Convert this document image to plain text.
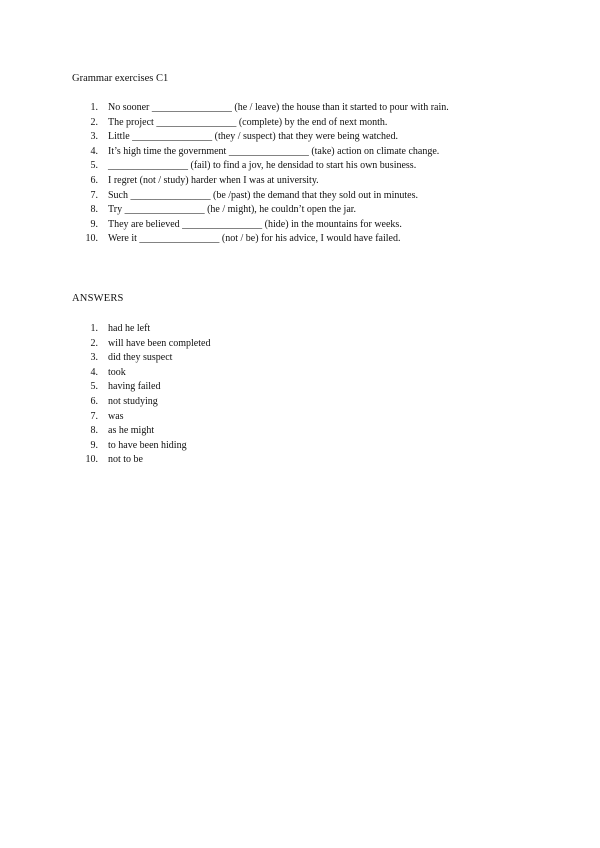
Grammar exercises C1
1. No sooner ________________ (he / leave) the house than it started to pour with rain.
2. The project ________________ (complete) by the end of next month.
3. Little ________________ (they / suspect) that they were being watched.
4. It’s high time the government ________________ (take) action on climate change.
5. ________________ (fail) to find a jov, he densidad to start his own business.
6. I regret (not / study) harder when I was at university.
7. Such ________________ (be /past) the demand that they sold out in minutes.
8. Try ________________ (he / might), he couldn’t open the jar.
9. They are believed ________________ (hide) in the mountains for weeks.
10. Were it ________________ (not / be) for his advice, I would have failed.
ANSWERS
1. had he left
2. will have been completed
3. did they suspect
4. took
5. having failed
6. not studying
7. was
8. as he might
9. to have been hiding
10. not to be
